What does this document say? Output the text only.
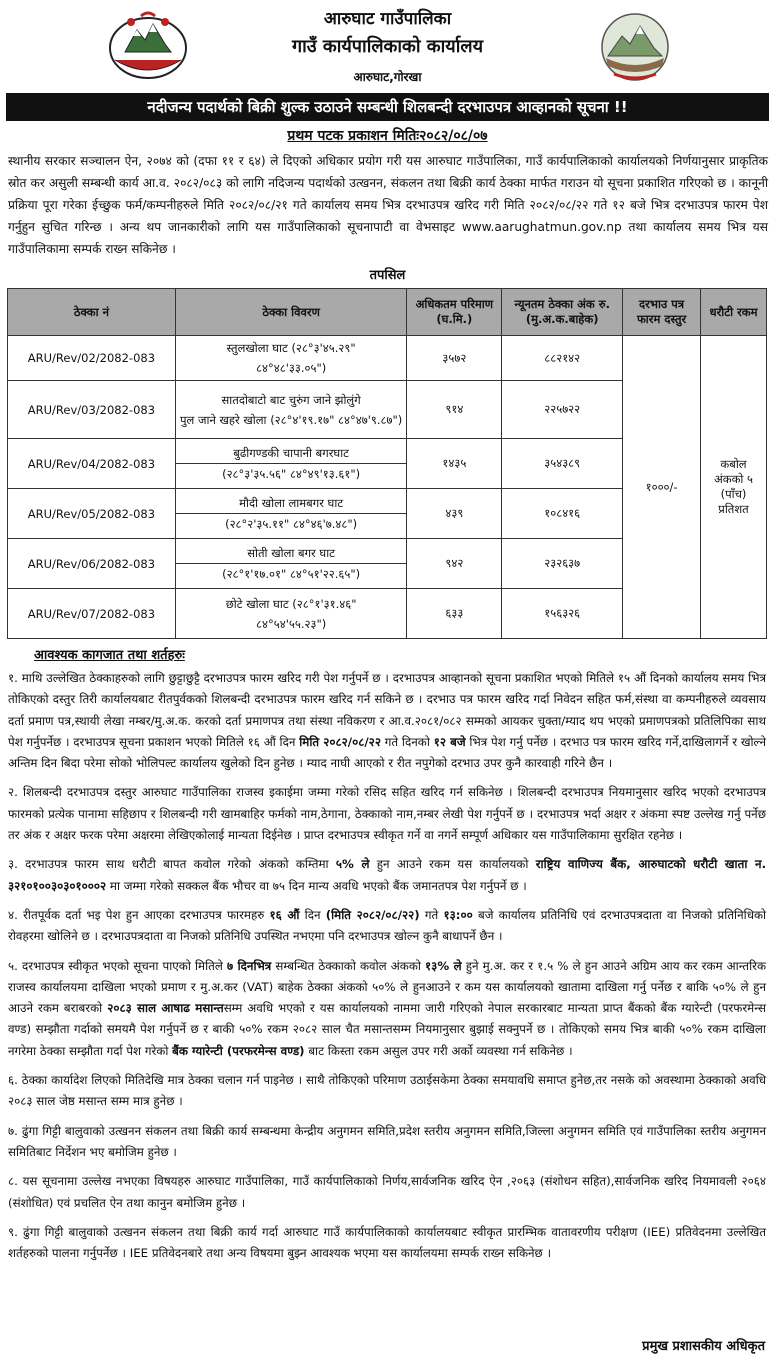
आरुघाट गाउँपालिका
गाउँ कार्यपालिकाको कार्यालय
आरुघाट,गोरखा
नदीजन्य पदार्थको बिक्री शुल्क उठाउने सम्बन्धी शिलबन्दी दरभाउपत्र आव्हानको सूचना !!
प्रथम पटक प्रकाशन मितिः२०८२/०८/०७
स्थानीय सरकार सञ्चालन ऐन, २०७४ को (दफा ११ र ६४) ले दिएको अधिकार प्रयोग गरी यस आरुघाट गाउँपालिका, गाउँ कार्यपालिकाको कार्यालयको निर्णयानुसार प्राकृतिक स्रोत कर असुली सम्बन्धी कार्य आ.व. २०८२/०८३ को लागि नदिजन्य पदार्थको उत्खनन, संकलन तथा बिक्री कार्य ठेक्का मार्फत गराउन यो सूचना प्रकाशित गरिएको छ । कानूनी प्रक्रिया पूरा गरेका ईच्छुक फर्म/कम्पनीहरुले मिति २०८२/०८/२१ गते कार्यालय समय भित्र दरभाउपत्र खरिद गरी मिति २०८२/०८/२२ गते १२ बजे भित्र दरभाउपत्र फारम पेश गर्नुहुन सुचित गरिन्छ । अन्य थप जानकारीको लागि यस गाउँपालिकाको सूचनापाटी वा वेभसाइट www.aarughatmun.gov.np तथा कार्यालय समय भित्र यस गाउँपालिकामा सम्पर्क राख्न सकिनेछ ।
तपसिल
ठेक्का नं	ठेक्का विवरण	अधिकतम परिमाण (घ.मि.)	न्यूनतम ठेक्का अंक रु. (मु.अ.क.बाहेक)	दरभाउ पत्र फारम दस्तुर	धरौटी रकम
ARU/Rev/02/2082-083	स्तुलखोला घाट (२८°३'४५.२९"
८४°४८'३३.०५")	३५७२	८८२१४२	१०००/-	कबोल अंकको ५ (पाँच) प्रतिशत
ARU/Rev/03/2082-083	सातदोबाटो बाट चुरुंग जाने झोलुंगे
पुल जाने खहरे खोला (२८°४'१९.१७" ८४°४७'९.८७")	९१४	२२५७२२		
ARU/Rev/04/2082-083	बुढीगण्डकी चापानी बगरघाट
(२८°३'३५.५६" ८४°४९'१३.६१")	१४३५	३५४३८९		
ARU/Rev/05/2082-083	मौदी खोला लामबगर घाट
(२८°२'३५.११" ८४°४६'७.४८")	४३९	१०८४१६		
ARU/Rev/06/2082-083	सोती खोला बगर घाट
(२८°१'१७.०१" ८४°५१'२२.६५")	९४२	२३२६३७		
ARU/Rev/07/2082-083	छोटे खोला घाट (२८°१'३१.४६"
८४°५४'५५.२३")	६३३	१५६३२६		
आवश्यक कागजात तथा शर्तहरुः
१. माथि उल्लेखित ठेक्काहरुको लागि छुट्टाछुट्टै दरभाउपत्र फारम खरिद गरी पेश गर्नुपर्ने छ । दरभाउपत्र आव्हानको सूचना प्रकाशित भएको मितिले १५ औं दिनको कार्यालय समय भित्र तोकिएको दस्तुर तिरी कार्यालयबाट रीतपुर्वकको शिलबन्दी दरभाउपत्र फारम खरिद गर्न सकिने छ । दरभाउ पत्र फारम खरिद गर्दा निवेदन सहित फर्म,संस्था वा कम्पनीहरुले व्यवसाय दर्ता प्रमाण पत्र,स्थायी लेखा नम्बर/मु.अ.क. करको दर्ता प्रमाणपत्र तथा संस्था नविकरण र आ.व.२०८१/०८२ सम्मको आयकर चुक्ता/म्याद थप भएको प्रमाणपत्रको प्रतिलिपिका साथ पेश गर्नुपर्नेछ । दरभाउपत्र सूचना प्रकाशन भएको मितिले १६ औं दिन मिति २०८२/०८/२२ गते दिनको १२ बजे भित्र पेश गर्नु पर्नेछ । दरभाउ पत्र फारम खरिद गर्ने,दाखिलागर्ने र खोल्ने अन्तिम दिन बिदा परेमा सोको भोलिपल्ट कार्यालय खुलेको दिन हुनेछ । म्याद नाघी आएको र रीत नपुगेको दरभाउ उपर कुनै कारवाही गरिने छैन ।
२. शिलबन्दी दरभाउपत्र दस्तुर आरुघाट गाउँपालिका राजस्व इकाईमा जम्मा गरेको रसिद सहित खरिद गर्न सकिनेछ । शिलबन्दी दरभाउपत्र नियमानुसार खरिद भएको दरभाउपत्र फारमको प्रत्येक पानामा सहिछाप र शिलबन्दी गरी खामबाहिर फर्मको नाम,ठेगाना, ठेक्काको नाम,नम्बर लेखी पेश गर्नुपर्ने छ । दरभाउपत्र भर्दा अक्षर र अंकमा स्पष्ट उल्लेख गर्नु पर्नेछ तर अंक र अक्षर फरक परेमा अक्षरमा लेखिएकोलाई मान्यता दिईनेछ । प्राप्त दरभाउपत्र स्वीकृत गर्ने वा नगर्ने सम्पूर्ण अधिकार यस गाउँपालिकामा सुरक्षित रहनेछ ।
३. दरभाउपत्र फारम साथ धरौटी बापत कवोल गरेको अंकको कम्तिमा ५% ले हुन आउने रकम यस कार्यालयको राष्ट्रिय वाणिज्य बैंक, आरुघाटको धरौटी खाता न. ३२१०१००३०३०१०००२ मा जम्मा गरेको सक्कल बैंक भौचर वा ७५ दिन मान्य अवधि भएको बैंक जमानतपत्र पेश गर्नुपर्ने छ ।
४. रीतपूर्वक दर्ता भइ पेश हुन आएका दरभाउपत्र फारमहरु १६ औं दिन (मिति २०८२/०८/२२) गते १३:०० बजे कार्यालय प्रतिनिधि एवं दरभाउपत्रदाता वा निजको प्रतिनिधिको रोवहरमा खोलिने छ । दरभाउपत्रदाता वा निजको प्रतिनिधि उपस्थित नभएमा पनि दरभाउपत्र खोल्न कुनै बाधापर्ने छैन ।
५. दरभाउपत्र स्वीकृत भएको सूचना पाएको मितिले ७ दिनभित्र सम्बन्धित ठेक्काको कवोल अंकको १३% ले हुने मु.अ. कर र १.५ % ले हुन आउने अग्रिम आय कर रकम आन्तरिक राजस्व कार्यालयमा दाखिला भएको प्रमाण र मु.अ.कर (VAT) बाहेक ठेक्का अंकको ५०% ले हुनआउने र कम यस कार्यालयको खातामा दाखिला गर्नु पर्नेछ र बाकि ५०% ले हुन आउने रकम बराबरको २०८३ साल आषाढ मसान्तसम्म अवधि भएको र यस कार्यालयको नाममा जारी गरिएको नेपाल सरकारबाट मान्यता प्राप्त बैंकको बैंक ग्यारेन्टी (परफरमेन्स वण्ड) सम्झौता गर्दाको समयमै पेश गर्नुपर्ने छ र बाकी ५०% रकम २०८२ साल चैत मसान्तसम्म नियमानुसार बुझाई सक्नुपर्ने छ । तोकिएको समय भित्र बाकी ५०% रकम दाखिला नगरेमा ठेक्का सम्झौता गर्दा पेश गरेको बैंक ग्यारेन्टी (परफरमेन्स वण्ड) बाट किस्ता रकम असुल उपर गरी अर्को व्यवस्था गर्न सकिनेछ ।
६. ठेक्का कार्यादेश लिएको मितिदेखि मात्र ठेक्का चलान गर्न पाइनेछ । साथै तोकिएको परिमाण उठाईसकेमा ठेक्का समयावधि समाप्त हुनेछ,तर नसके को अवस्थामा ठेक्काको अवधि २०८३ साल जेष्ठ मसान्त सम्म मात्र हुनेछ ।
७. ढुंगा गिट्टी बालुवाको उत्खनन संकलन तथा बिक्री कार्य सम्बन्धमा केन्द्रीय अनुगमन समिति,प्रदेश स्तरीय अनुगमन समिति,जिल्ला अनुगमन समिति एवं गाउँपालिका स्तरीय अनुगमन समितिबाट निर्देशन भए बमोजिम हुनेछ ।
८. यस सूचनामा उल्लेख नभएका विषयहरु आरुघाट गाउँपालिका, गाउँ कार्यपालिकाको निर्णय,सार्वजनिक खरिद ऐन ,२०६३ (संशोधन सहित),सार्वजनिक खरिद नियमावली २०६४ (संशोधित) एवं प्रचलित ऐन तथा कानुन बमोजिम हुनेछ ।
९. ढुंगा गिट्टी बालुवाको उत्खनन संकलन तथा बिक्री कार्य गर्दा आरुघाट गाउँ कार्यपालिकाको कार्यालयबाट स्वीकृत प्रारम्भिक वातावरणीय परीक्षण (IEE) प्रतिवेदनमा उल्लेखित शर्तहरुको पालना गर्नुपर्नेछ । IEE प्रतिवेदनबारे तथा अन्य विषयमा बुझ्न आवश्यक भएमा यस कार्यालयमा सम्पर्क राख्न सकिनेछ ।
प्रमुख प्रशासकीय अधिकृत
